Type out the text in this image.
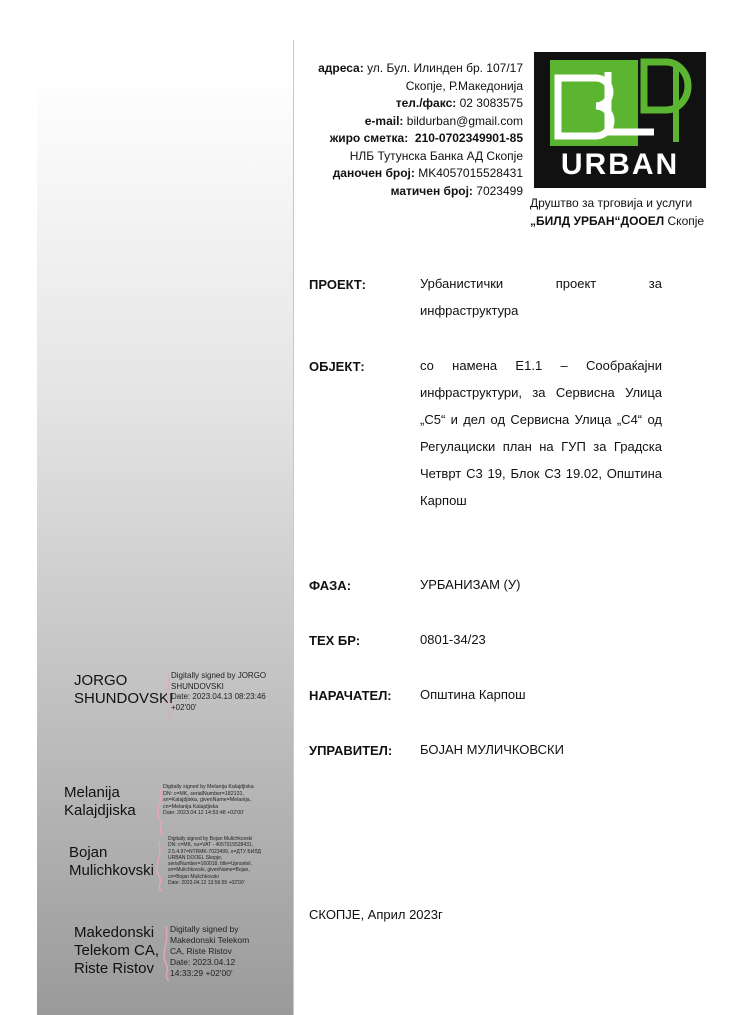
адреса: ул. Бул. Илинден бр. 107/17
Скопје, Р.Македонија
тел./факс: 02 3083575
e-mail: bildurban@gmail.com
жиро сметка: 210-0702349901-85
НЛБ Тутунска Банка АД Скопје
даночен број: MK4057015528431
матичен број: 7023499
URBAN
Друштво за трговија и услуги
„БИЛД УРБАН“ДООЕЛ Скопје
ПРОЕКТ:	Урбанистички проект за инфраструктура
ОБЈЕКТ:	со намена Е1.1 – Сообраќајни инфраструктури, за Сервисна Улица „С5“ и дел од Сервисна Улица „С4“ од Регулациски план на ГУП за Градска Четврт С3 19, Блок С3 19.02, Општина Карпош
ФАЗА:	УРБАНИЗАМ (У)
ТЕХ БР:	0801-34/23
НАРАЧАТЕЛ: Општина Карпош
УПРАВИТЕЛ: БОЈАН МУЛИЧКОВСКИ
СКОПЈЕ, Април 2023г
JORGO
SHUNDOVSKI
Digitally signed by JORGO
SHUNDOVSKI
Date: 2023.04.13 08:23:46
+02'00'
Melanija
Kalajdjiska
Digitally signed by Melanija Kalajdjiska
DN: c=MK, serialNumber=182131,
sn=Kalajdjiska, givenName=Melanija,
cn=Melanija Kalajdjiska
Date: 2023.04.12 14:53:48 +02'00'
Bojan
Mulichkovski
Digitally signed by Bojan Mulichkovski
DN: c=MK, ou=VAT - 4057015528431,
2.5.4.97=NTRMK-7023499, o=ДТУ БИЛД
URBAN DOOEL Skopje,
serialNumber=160018, title=Upravitel,
sn=Mulichkovski, givenName=Bojan,
cn=Bojan Mulichkovski
Date: 2023.04.12 13:56:55 +02'00'
Makedonski
Telekom CA,
Riste Ristov
Digitally signed by
Makedonski Telekom
CA, Riste Ristov
Date: 2023.04.12
14:33:29 +02'00'
